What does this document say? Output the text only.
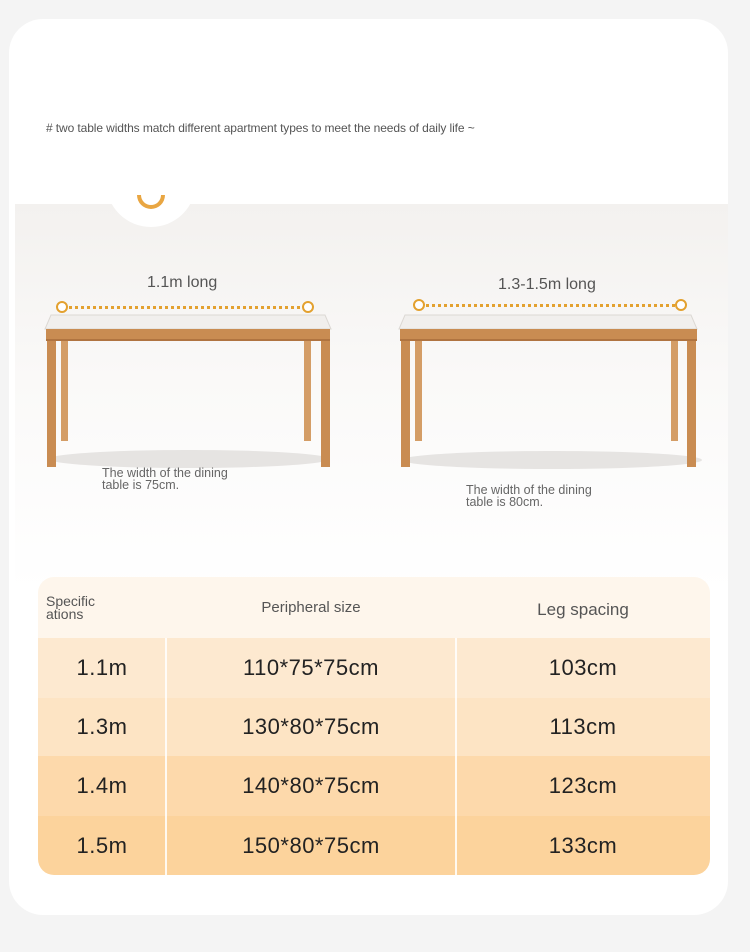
# two table widths match different apartment types to meet the needs of daily life ~
1.1m long
The width of the dining
table is 75cm.
1.3-1.5m long
The width of the dining
table is 80cm.
Specific ations	Peripheral size	Leg spacing
1.1m	110*75*75cm	103cm
1.3m	130*80*75cm	113cm
1.4m	140*80*75cm	123cm
1.5m	150*80*75cm	133cm
